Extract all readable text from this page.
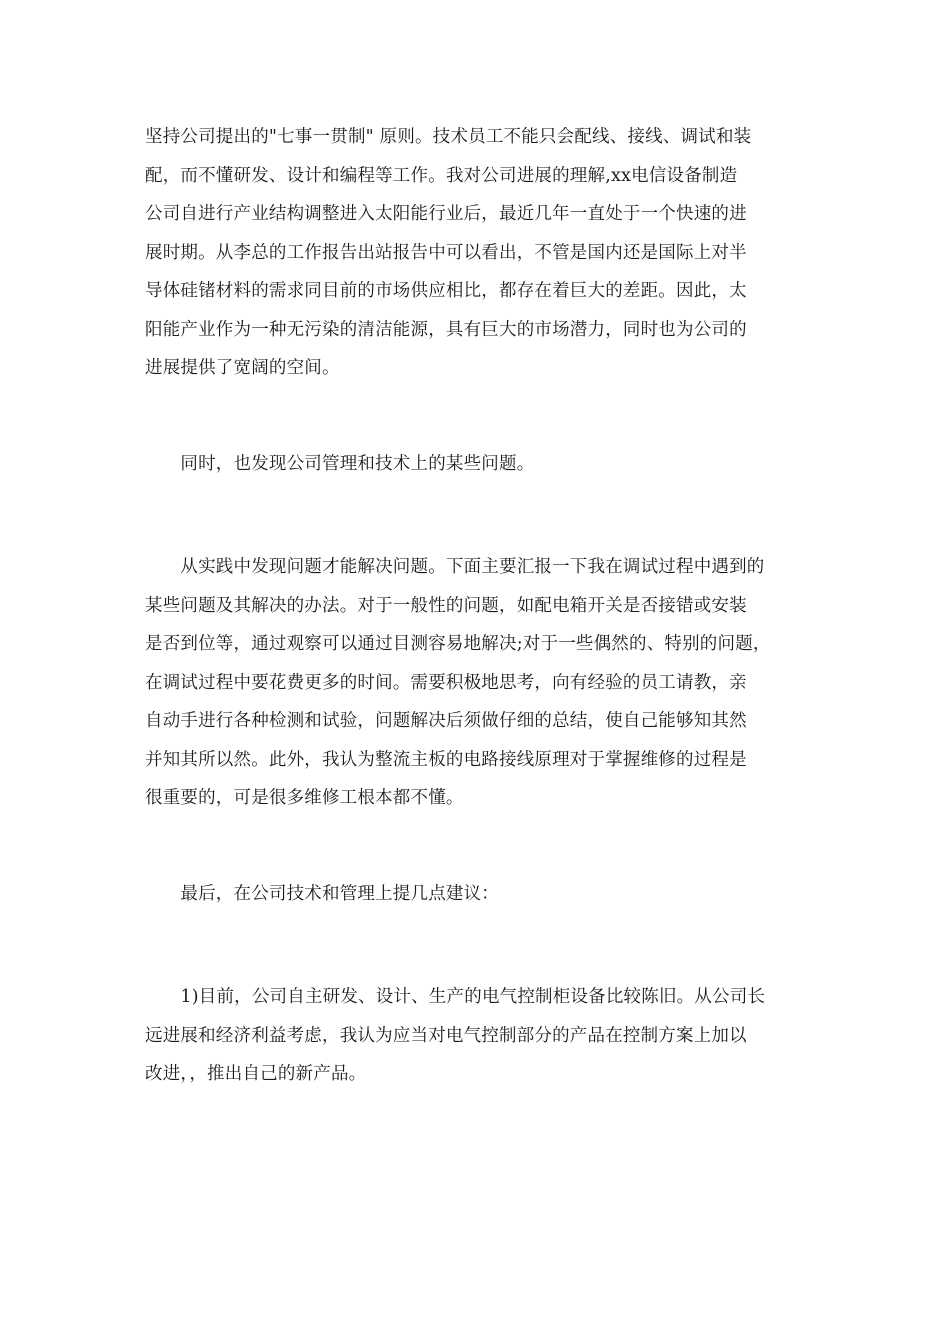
坚持公司提出的"七事一贯制" 原则。技术员工不能只会配线、接线、调试和装
配，而不懂研发、设计和编程等工作。我对公司进展的理解,xx电信设备制造
公司自进行产业结构调整进入太阳能行业后，最近几年一直处于一个快速的进
展时期。从李总的工作报告出站报告中可以看出，不管是国内还是国际上对半
导体硅锗材料的需求同目前的市场供应相比，都存在着巨大的差距。因此，太
阳能产业作为一种无污染的清洁能源，具有巨大的市场潜力，同时也为公司的
进展提供了宽阔的空间。
　　同时，也发现公司管理和技术上的某些问题。
　　从实践中发现问题才能解决问题。下面主要汇报一下我在调试过程中遇到的
某些问题及其解决的办法。对于一般性的问题，如配电箱开关是否接错或安装
是否到位等，通过观察可以通过目测容易地解决;对于一些偶然的、特别的问题，
在调试过程中要花费更多的时间。需要积极地思考，向有经验的员工请教，亲
自动手进行各种检测和试验，问题解决后须做仔细的总结，使自己能够知其然
并知其所以然。此外，我认为整流主板的电路接线原理对于掌握维修的过程是
很重要的，可是很多维修工根本都不懂。
　　最后，在公司技术和管理上提几点建议：
　　1)目前，公司自主研发、设计、生产的电气控制柜设备比较陈旧。从公司长
远进展和经济利益考虑，我认为应当对电气控制部分的产品在控制方案上加以
改进，，推出自己的新产品。
